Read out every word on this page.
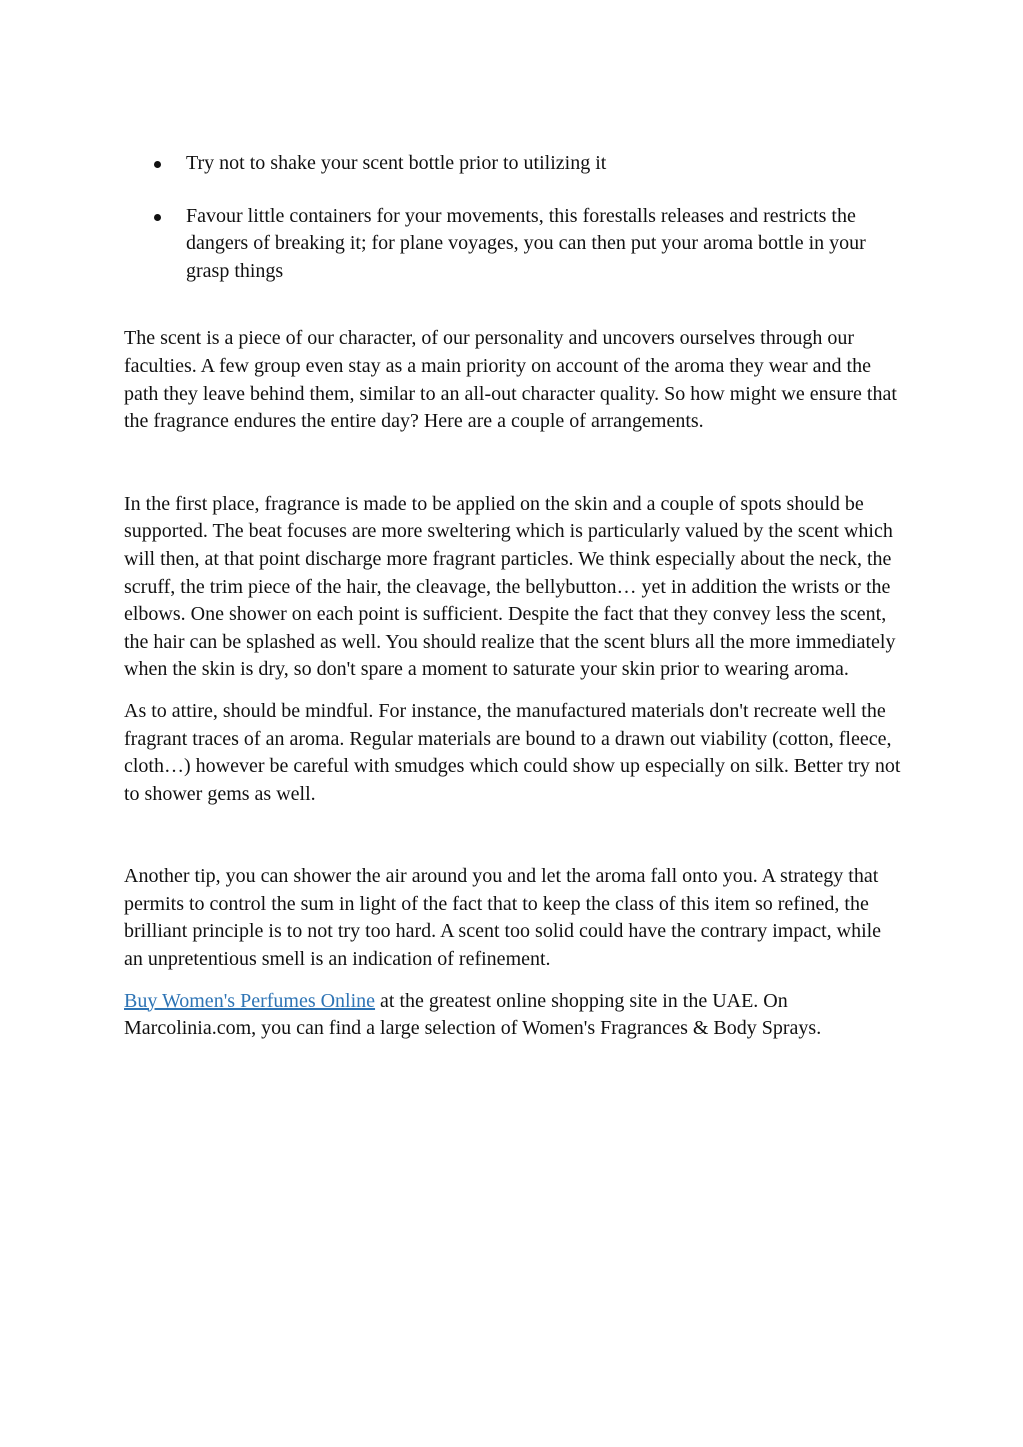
Try not to shake your scent bottle prior to utilizing it
Favour little containers for your movements, this forestalls releases and restricts the dangers of breaking it; for plane voyages, you can then put your aroma bottle in your grasp things

The scent is a piece of our character, of our personality and uncovers ourselves through our faculties. A few group even stay as a main priority on account of the aroma they wear and the path they leave behind them, similar to an all-out character quality. So how might we ensure that the fragrance endures the entire day? Here are a couple of arrangements.

In the first place, fragrance is made to be applied on the skin and a couple of spots should be supported. The beat focuses are more sweltering which is particularly valued by the scent which will then, at that point discharge more fragrant particles. We think especially about the neck, the scruff, the trim piece of the hair, the cleavage, the bellybutton… yet in addition the wrists or the elbows. One shower on each point is sufficient. Despite the fact that they convey less the scent, the hair can be splashed as well. You should realize that the scent blurs all the more immediately when the skin is dry, so don't spare a moment to saturate your skin prior to wearing aroma.

As to attire, should be mindful. For instance, the manufactured materials don't recreate well the fragrant traces of an aroma. Regular materials are bound to a drawn out viability (cotton, fleece, cloth…) however be careful with smudges which could show up especially on silk. Better try not to shower gems as well.

Another tip, you can shower the air around you and let the aroma fall onto you. A strategy that permits to control the sum in light of the fact that to keep the class of this item so refined, the brilliant principle is to not try too hard. A scent too solid could have the contrary impact, while an unpretentious smell is an indication of refinement.

Buy Women's Perfumes Online at the greatest online shopping site in the UAE. On Marcolinia.com, you can find a large selection of Women's Fragrances & Body Sprays.
